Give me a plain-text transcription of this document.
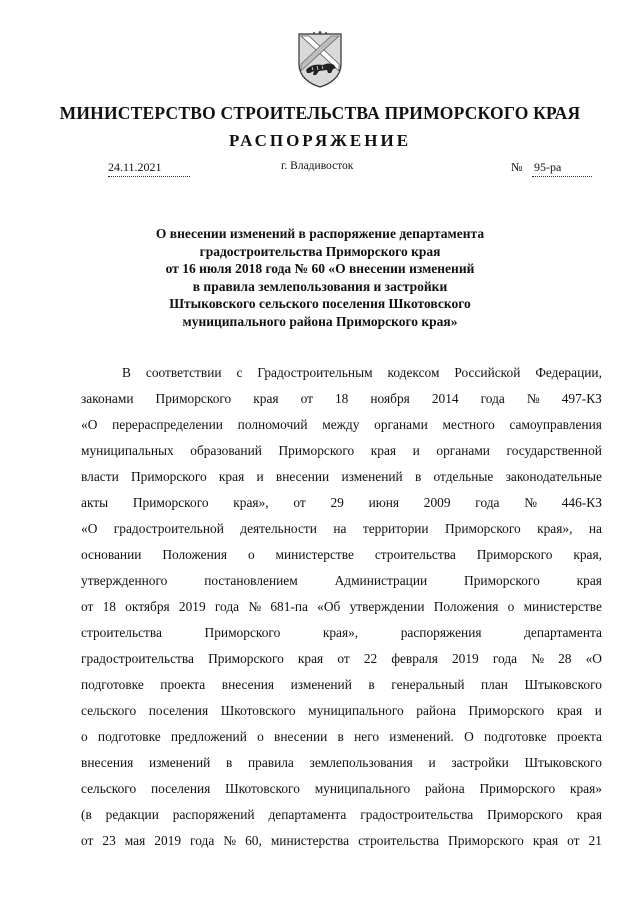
МИНИСТЕРСТВО СТРОИТЕЛЬСТВА ПРИМОРСКОГО КРАЯ
РАСПОРЯЖЕНИЕ
24.11.2021	г. Владивосток	№ 95-ра
О внесении изменений в распоряжение департамента
градостроительства Приморского края
от 16 июля 2018 года № 60 «О внесении изменений
в правила землепользования и застройки
Штыковского сельского поселения Шкотовского
муниципального района Приморского края»
В соответствии с Градостроительным кодексом Российской Федерации,
законами Приморского края от 18 ноября 2014 года № 497-КЗ
«О перераспределении полномочий между органами местного самоуправления
муниципальных образований Приморского края и органами государственной
власти Приморского края и внесении изменений в отдельные законодательные
акты Приморского края», от 29 июня 2009 года № 446-КЗ
«О градостроительной деятельности на территории Приморского края», на
основании Положения о министерстве строительства Приморского края,
утвержденного	постановлением	Администрации	Приморского	края
от 18 октября 2019 года № 681-па «Об утверждении Положения о министерстве
строительства	Приморского	края»,	распоряжения	департамента
градостроительства Приморского края от 22 февраля 2019 года № 28 «О
подготовке проекта внесения изменений в генеральный план Штыковского
сельского поселения Шкотовского муниципального района Приморского края и
о подготовке предложений о внесении в него изменений. О подготовке проекта
внесения изменений в правила землепользования и застройки Штыковского
сельского поселения Шкотовского муниципального района Приморского края»
(в редакции распоряжений департамента градостроительства Приморского края
от 23 мая 2019 года № 60, министерства строительства Приморского края от 21
